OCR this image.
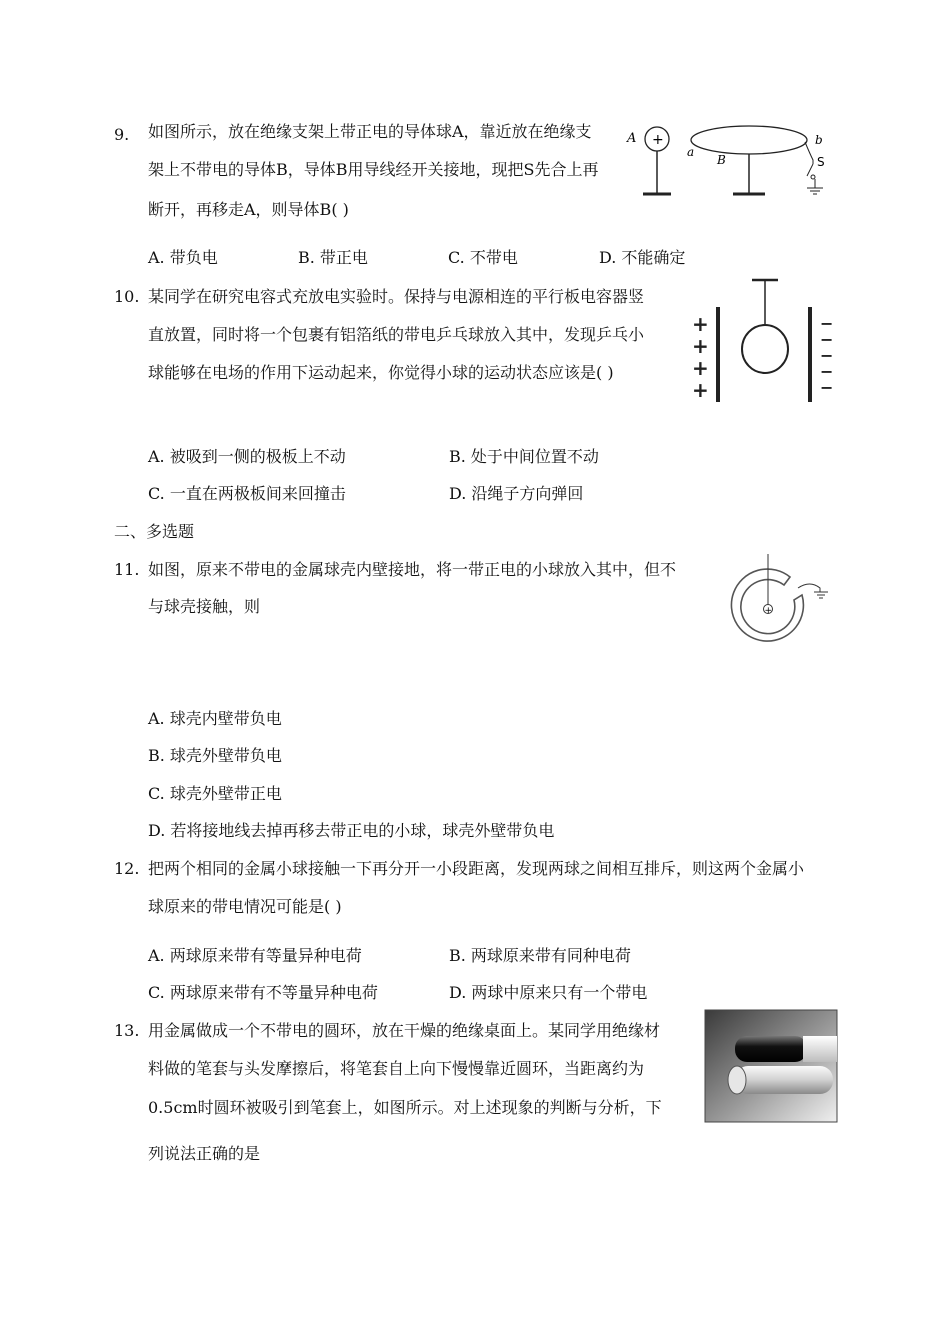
9. 如图所示，放在绝缘支架上带正电的导体球A，靠近放在绝缘支
架上不带电的导体B，导体B用导线经开关接地，现把S先合上再
断开，再移走A，则导体B( )
A. 带负电	B. 带正电	C. 不带电	D. 不能确定
A +
a
B
b
S
10. 某同学在研究电容式充放电实验时。保持与电源相连的平行板电容器竖
直放置，同时将一个包裹有铝箔纸的带电乒乓球放入其中，发现乒乓小
球能够在电场的作用下运动起来，你觉得小球的运动状态应该是( )
A. 被吸到一侧的极板上不动	B. 处于中间位置不动
C. 一直在两极板间来回撞击	D. 沿绳子方向弹回
+
+
+
+
−
−
−
−
−
二、多选题
11. 如图，原来不带电的金属球壳内壁接地，将一带正电的小球放入其中，但不
与球壳接触，则
A. 球壳内壁带负电
B. 球壳外壁带负电
C. 球壳外壁带正电
D. 若将接地线去掉再移去带正电的小球，球壳外壁带负电
+
12. 把两个相同的金属小球接触一下再分开一小段距离，发现两球之间相互排斥，则这两个金属小
球原来的带电情况可能是( )
A. 两球原来带有等量异种电荷	B. 两球原来带有同种电荷
C. 两球原来带有不等量异种电荷	D. 两球中原来只有一个带电
13. 用金属做成一个不带电的圆环，放在干燥的绝缘桌面上。某同学用绝缘材
料做的笔套与头发摩擦后，将笔套自上向下慢慢靠近圆环，当距离约为
0.5cm时圆环被吸引到笔套上，如图所示。对上述现象的判断与分析，下
列说法正确的是
